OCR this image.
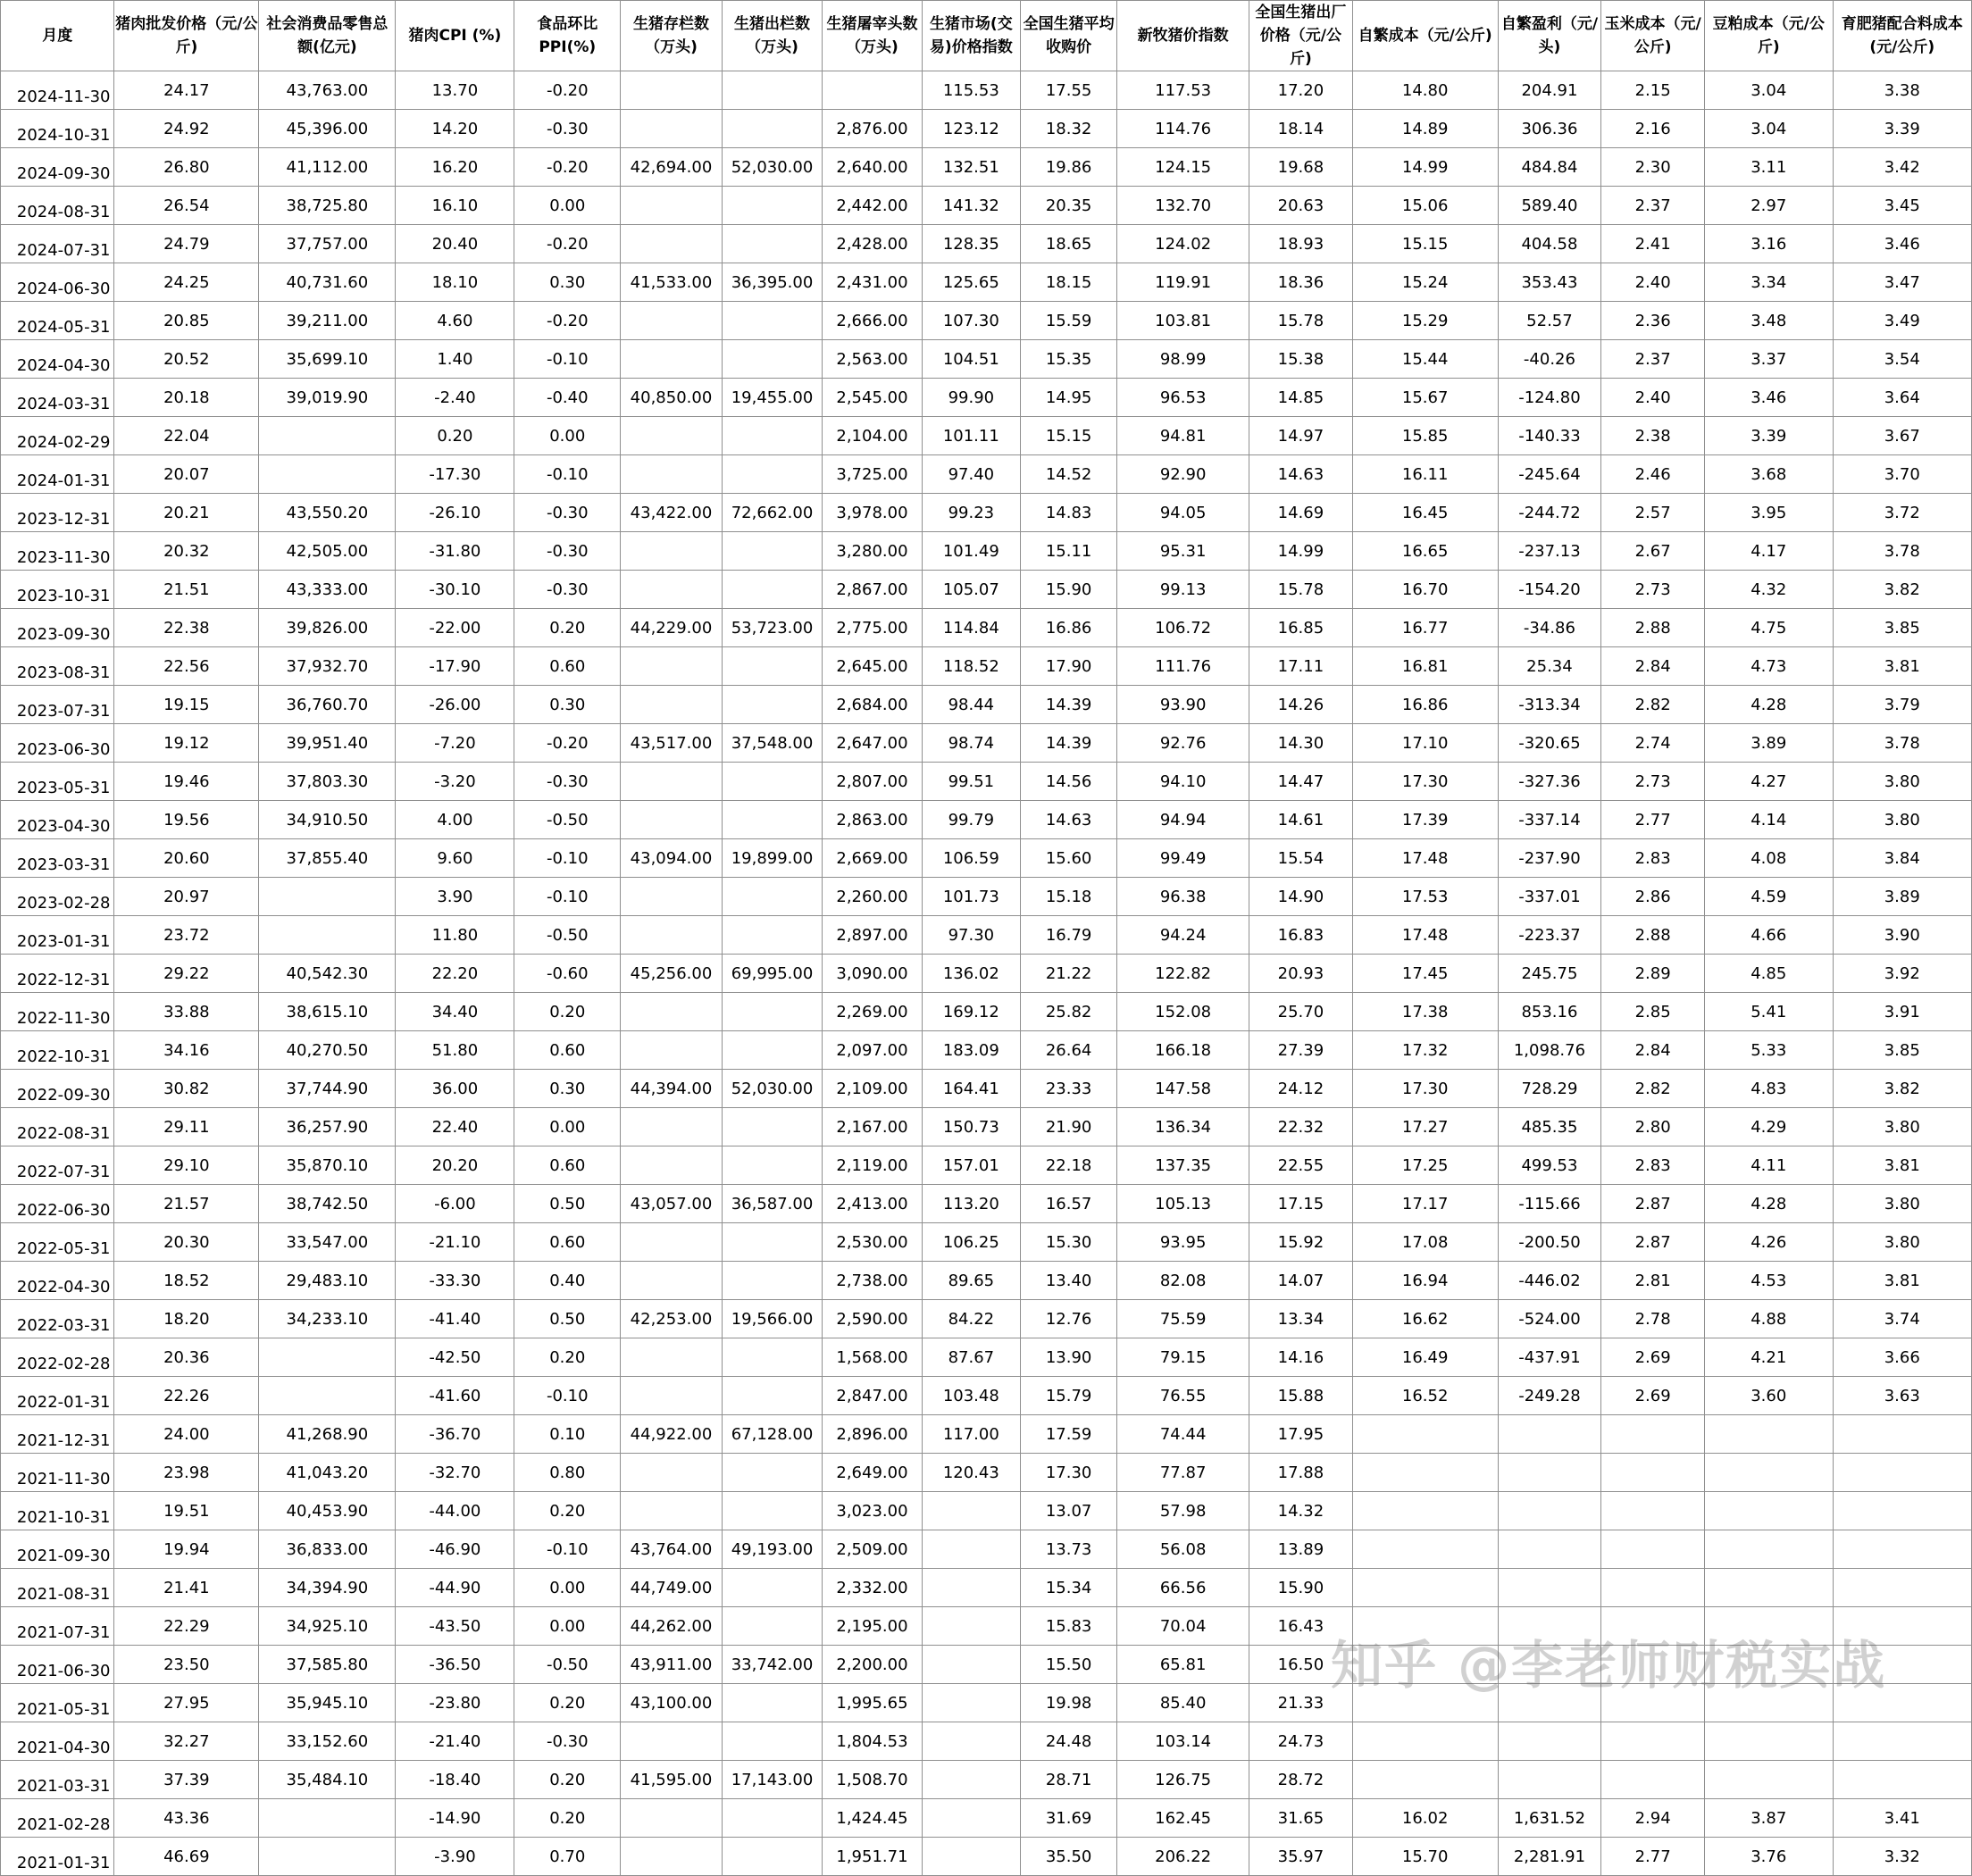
月度	猪肉批发价格（元/公斤)	社会消费品零售总额(亿元)	猪肉CPI (%)	食品环比PPI(%)	生猪存栏数（万头)	生猪出栏数（万头)	生猪屠宰头数（万头)	生猪市场(交易)价格指数	全国生猪平均收购价	新牧猪价指数	全国生猪出厂价格（元/公斤)	自繁成本（元/公斤)	自繁盈利（元/头)	玉米成本（元/公斤)	豆粕成本（元/公斤)	育肥猪配合料成本(元/公斤)
2024-11-30	24.17	43,763.00	13.70	-0.20				115.53	17.55	117.53	17.20	14.80	204.91	2.15	3.04	3.38
2024-10-31	24.92	45,396.00	14.20	-0.30			2,876.00	123.12	18.32	114.76	18.14	14.89	306.36	2.16	3.04	3.39
2024-09-30	26.80	41,112.00	16.20	-0.20	42,694.00	52,030.00	2,640.00	132.51	19.86	124.15	19.68	14.99	484.84	2.30	3.11	3.42
2024-08-31	26.54	38,725.80	16.10	0.00			2,442.00	141.32	20.35	132.70	20.63	15.06	589.40	2.37	2.97	3.45
2024-07-31	24.79	37,757.00	20.40	-0.20			2,428.00	128.35	18.65	124.02	18.93	15.15	404.58	2.41	3.16	3.46
2024-06-30	24.25	40,731.60	18.10	0.30	41,533.00	36,395.00	2,431.00	125.65	18.15	119.91	18.36	15.24	353.43	2.40	3.34	3.47
2024-05-31	20.85	39,211.00	4.60	-0.20			2,666.00	107.30	15.59	103.81	15.78	15.29	52.57	2.36	3.48	3.49
2024-04-30	20.52	35,699.10	1.40	-0.10			2,563.00	104.51	15.35	98.99	15.38	15.44	-40.26	2.37	3.37	3.54
2024-03-31	20.18	39,019.90	-2.40	-0.40	40,850.00	19,455.00	2,545.00	99.90	14.95	96.53	14.85	15.67	-124.80	2.40	3.46	3.64
2024-02-29	22.04		0.20	0.00			2,104.00	101.11	15.15	94.81	14.97	15.85	-140.33	2.38	3.39	3.67
2024-01-31	20.07		-17.30	-0.10			3,725.00	97.40	14.52	92.90	14.63	16.11	-245.64	2.46	3.68	3.70
2023-12-31	20.21	43,550.20	-26.10	-0.30	43,422.00	72,662.00	3,978.00	99.23	14.83	94.05	14.69	16.45	-244.72	2.57	3.95	3.72
2023-11-30	20.32	42,505.00	-31.80	-0.30			3,280.00	101.49	15.11	95.31	14.99	16.65	-237.13	2.67	4.17	3.78
2023-10-31	21.51	43,333.00	-30.10	-0.30			2,867.00	105.07	15.90	99.13	15.78	16.70	-154.20	2.73	4.32	3.82
2023-09-30	22.38	39,826.00	-22.00	0.20	44,229.00	53,723.00	2,775.00	114.84	16.86	106.72	16.85	16.77	-34.86	2.88	4.75	3.85
2023-08-31	22.56	37,932.70	-17.90	0.60			2,645.00	118.52	17.90	111.76	17.11	16.81	25.34	2.84	4.73	3.81
2023-07-31	19.15	36,760.70	-26.00	0.30			2,684.00	98.44	14.39	93.90	14.26	16.86	-313.34	2.82	4.28	3.79
2023-06-30	19.12	39,951.40	-7.20	-0.20	43,517.00	37,548.00	2,647.00	98.74	14.39	92.76	14.30	17.10	-320.65	2.74	3.89	3.78
2023-05-31	19.46	37,803.30	-3.20	-0.30			2,807.00	99.51	14.56	94.10	14.47	17.30	-327.36	2.73	4.27	3.80
2023-04-30	19.56	34,910.50	4.00	-0.50			2,863.00	99.79	14.63	94.94	14.61	17.39	-337.14	2.77	4.14	3.80
2023-03-31	20.60	37,855.40	9.60	-0.10	43,094.00	19,899.00	2,669.00	106.59	15.60	99.49	15.54	17.48	-237.90	2.83	4.08	3.84
2023-02-28	20.97		3.90	-0.10			2,260.00	101.73	15.18	96.38	14.90	17.53	-337.01	2.86	4.59	3.89
2023-01-31	23.72		11.80	-0.50			2,897.00	97.30	16.79	94.24	16.83	17.48	-223.37	2.88	4.66	3.90
2022-12-31	29.22	40,542.30	22.20	-0.60	45,256.00	69,995.00	3,090.00	136.02	21.22	122.82	20.93	17.45	245.75	2.89	4.85	3.92
2022-11-30	33.88	38,615.10	34.40	0.20			2,269.00	169.12	25.82	152.08	25.70	17.38	853.16	2.85	5.41	3.91
2022-10-31	34.16	40,270.50	51.80	0.60			2,097.00	183.09	26.64	166.18	27.39	17.32	1,098.76	2.84	5.33	3.85
2022-09-30	30.82	37,744.90	36.00	0.30	44,394.00	52,030.00	2,109.00	164.41	23.33	147.58	24.12	17.30	728.29	2.82	4.83	3.82
2022-08-31	29.11	36,257.90	22.40	0.00			2,167.00	150.73	21.90	136.34	22.32	17.27	485.35	2.80	4.29	3.80
2022-07-31	29.10	35,870.10	20.20	0.60			2,119.00	157.01	22.18	137.35	22.55	17.25	499.53	2.83	4.11	3.81
2022-06-30	21.57	38,742.50	-6.00	0.50	43,057.00	36,587.00	2,413.00	113.20	16.57	105.13	17.15	17.17	-115.66	2.87	4.28	3.80
2022-05-31	20.30	33,547.00	-21.10	0.60			2,530.00	106.25	15.30	93.95	15.92	17.08	-200.50	2.87	4.26	3.80
2022-04-30	18.52	29,483.10	-33.30	0.40			2,738.00	89.65	13.40	82.08	14.07	16.94	-446.02	2.81	4.53	3.81
2022-03-31	18.20	34,233.10	-41.40	0.50	42,253.00	19,566.00	2,590.00	84.22	12.76	75.59	13.34	16.62	-524.00	2.78	4.88	3.74
2022-02-28	20.36		-42.50	0.20			1,568.00	87.67	13.90	79.15	14.16	16.49	-437.91	2.69	4.21	3.66
2022-01-31	22.26		-41.60	-0.10			2,847.00	103.48	15.79	76.55	15.88	16.52	-249.28	2.69	3.60	3.63
2021-12-31	24.00	41,268.90	-36.70	0.10	44,922.00	67,128.00	2,896.00	117.00	17.59	74.44	17.95					
2021-11-30	23.98	41,043.20	-32.70	0.80			2,649.00	120.43	17.30	77.87	17.88					
2021-10-31	19.51	40,453.90	-44.00	0.20			3,023.00		13.07	57.98	14.32					
2021-09-30	19.94	36,833.00	-46.90	-0.10	43,764.00	49,193.00	2,509.00		13.73	56.08	13.89					
2021-08-31	21.41	34,394.90	-44.90	0.00	44,749.00		2,332.00		15.34	66.56	15.90					
2021-07-31	22.29	34,925.10	-43.50	0.00	44,262.00		2,195.00		15.83	70.04	16.43					
2021-06-30	23.50	37,585.80	-36.50	-0.50	43,911.00	33,742.00	2,200.00		15.50	65.81	16.50					
2021-05-31	27.95	35,945.10	-23.80	0.20	43,100.00		1,995.65		19.98	85.40	21.33					
2021-04-30	32.27	33,152.60	-21.40	-0.30			1,804.53		24.48	103.14	24.73					
2021-03-31	37.39	35,484.10	-18.40	0.20	41,595.00	17,143.00	1,508.70		28.71	126.75	28.72					
2021-02-28	43.36		-14.90	0.20			1,424.45		31.69	162.45	31.65	16.02	1,631.52	2.94	3.87	3.41
2021-01-31	46.69		-3.90	0.70			1,951.71		35.50	206.22	35.97	15.70	2,281.91	2.77	3.76	3.32
知乎 @李老师财税实战
